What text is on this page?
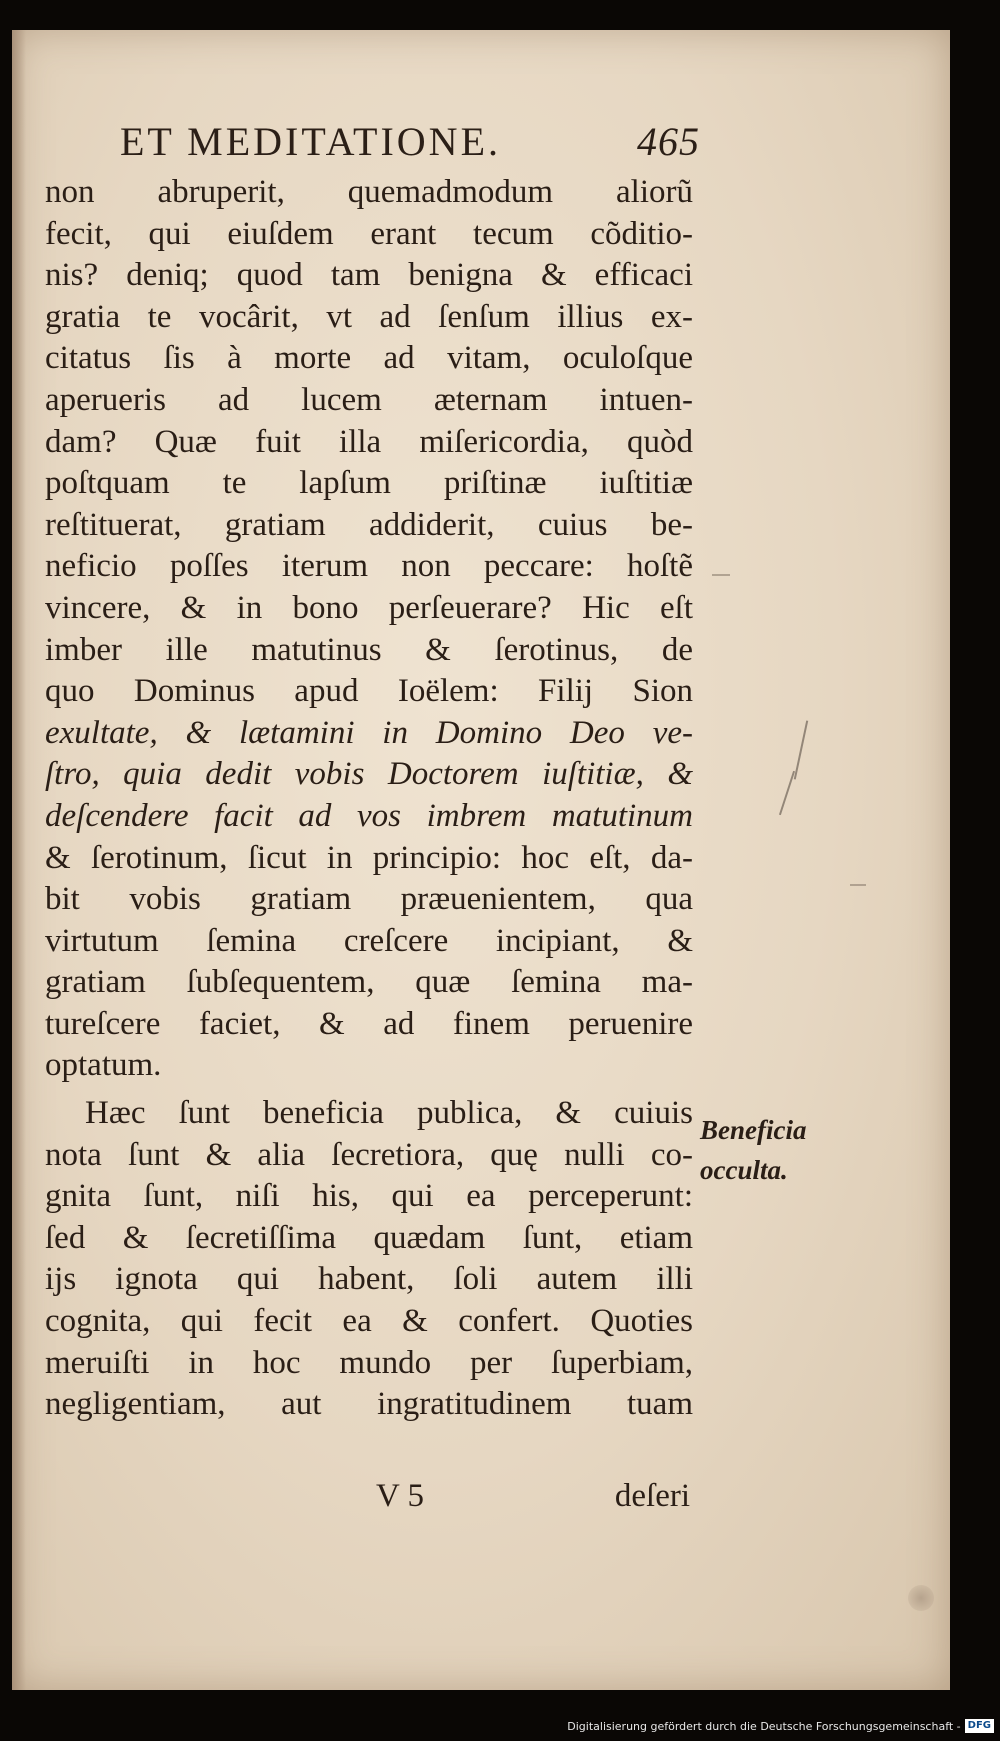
ET MEDITATIONE.	465
non abruperit, quemadmodum aliorũ
fecit, qui eiuſdem erant tecum cõditio-
nis? deniq; quod tam benigna & efficaci
gratia te vocârit, vt ad ſenſum illius ex-
citatus ſis à morte ad vitam, oculoſque
aperueris ad lucem æternam intuen-
dam? Quæ fuit illa miſericordia, quòd
poſtquam te lapſum priſtinæ iuſtitiæ
reſtituerat, gratiam addiderit, cuius be-
neficio poſſes iterum non peccare: hoſtẽ
vincere, & in bono perſeuerare? Hic eſt
imber ille matutinus & ſerotinus, de
quo Dominus apud Ioëlem: Filij Sion
exultate, & lætamini in Domino Deo ve-
ſtro, quia dedit vobis Doctorem iuſtitiæ, &
deſcendere facit ad vos imbrem matutinum
& ſerotinum, ſicut in principio: hoc eſt, da-
bit vobis gratiam præuenientem, qua
virtutum ſemina creſcere incipiant, &
gratiam ſubſequentem, quæ ſemina ma-
tureſcere faciet, & ad finem peruenire
optatum.
Hæc ſunt beneficia publica, & cuiuis
nota ſunt & alia ſecretiora, quę nulli co-
gnita ſunt, niſi his, qui ea perceperunt:
ſed & ſecretiſſima quædam ſunt, etiam
ijs ignota qui habent, ſoli autem illi
cognita, qui fecit ea & confert. Quoties
meruiſti in hoc mundo per ſuperbiam,
negligentiam, aut ingratitudinem tuam
V 5	deſeri
Beneficia
occulta.
Digitalisierung gefördert durch die Deutsche Forschungsgemeinschaft - DFG
